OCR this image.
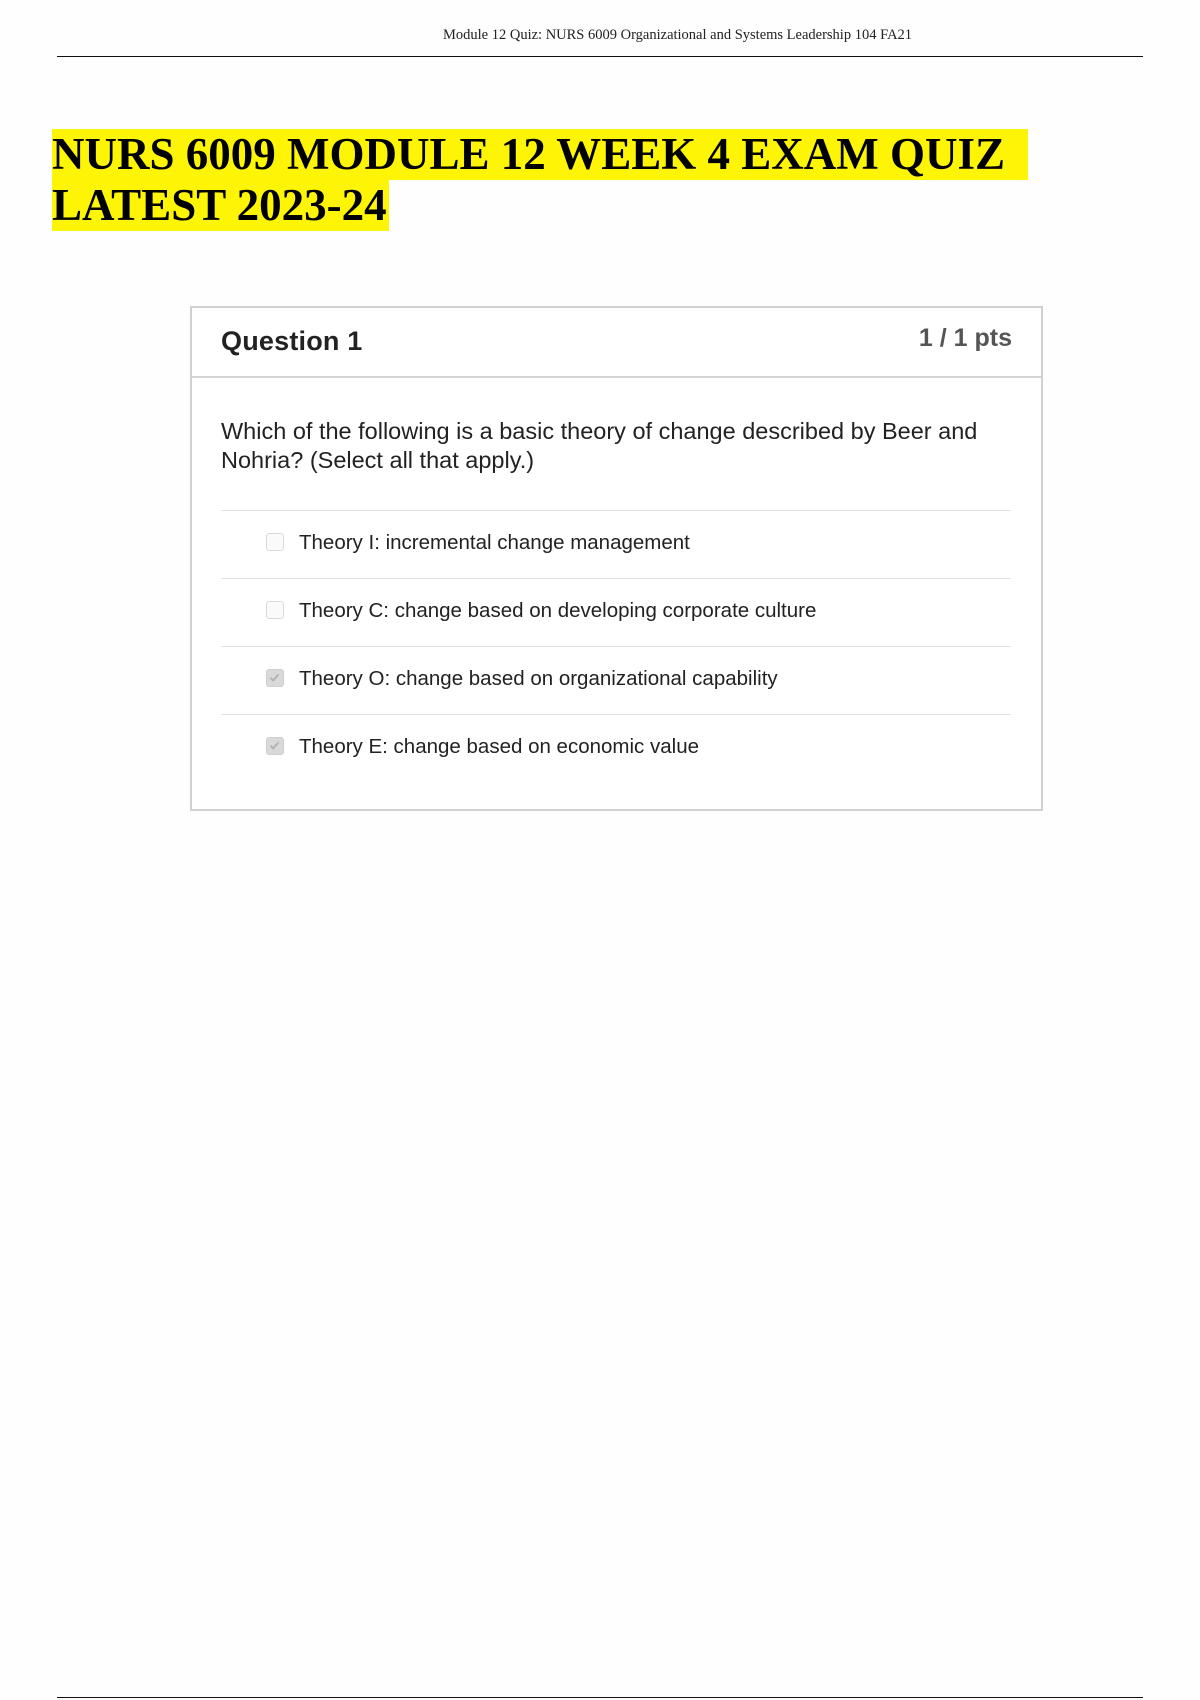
Module 12 Quiz: NURS 6009 Organizational and Systems Leadership 104 FA21
NURS 6009 MODULE 12 WEEK 4 EXAM QUIZ
LATEST 2023-24
Question 1	1 / 1 pts
Which of the following is a basic theory of change described by Beer and Nohria? (Select all that apply.)
Theory I: incremental change management
Theory C: change based on developing corporate culture
Theory O: change based on organizational capability
Theory E: change based on economic value
